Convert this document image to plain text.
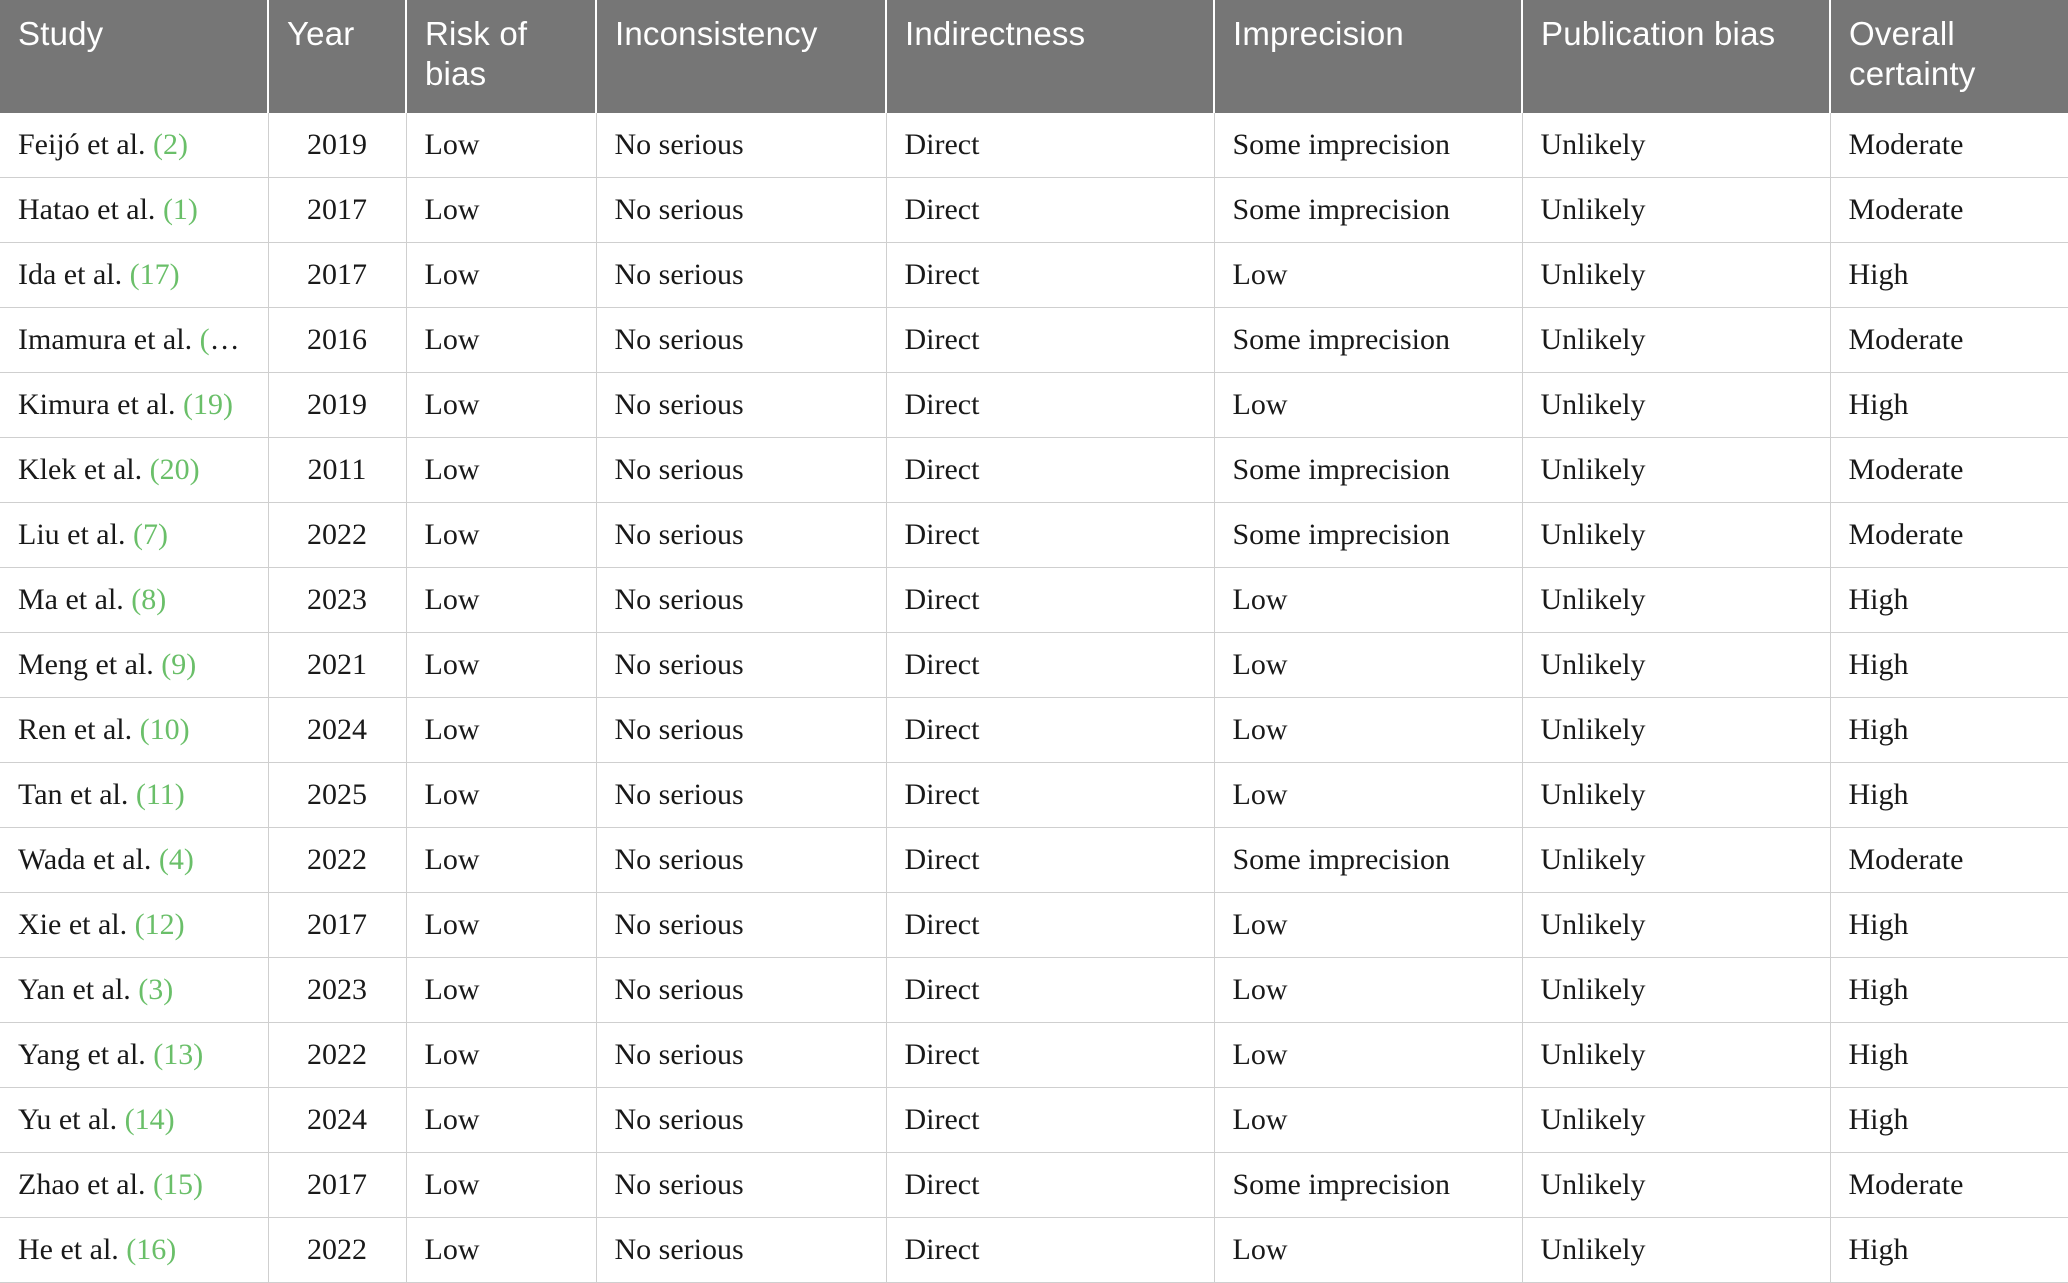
Study	Year	Risk of bias	Inconsistency	Indirectness	Imprecision	Publication bias	Overall certainty
Feijó et al. (2)	2019	Low	No serious	Direct	Some imprecision	Unlikely	Moderate
Hatao et al. (1)	2017	Low	No serious	Direct	Some imprecision	Unlikely	Moderate
Ida et al. (17)	2017	Low	No serious	Direct	Low	Unlikely	High
Imamura et al. (18)	2016	Low	No serious	Direct	Some imprecision	Unlikely	Moderate
Kimura et al. (19)	2019	Low	No serious	Direct	Low	Unlikely	High
Klek et al. (20)	2011	Low	No serious	Direct	Some imprecision	Unlikely	Moderate
Liu et al. (7)	2022	Low	No serious	Direct	Some imprecision	Unlikely	Moderate
Ma et al. (8)	2023	Low	No serious	Direct	Low	Unlikely	High
Meng et al. (9)	2021	Low	No serious	Direct	Low	Unlikely	High
Ren et al. (10)	2024	Low	No serious	Direct	Low	Unlikely	High
Tan et al. (11)	2025	Low	No serious	Direct	Low	Unlikely	High
Wada et al. (4)	2022	Low	No serious	Direct	Some imprecision	Unlikely	Moderate
Xie et al. (12)	2017	Low	No serious	Direct	Low	Unlikely	High
Yan et al. (3)	2023	Low	No serious	Direct	Low	Unlikely	High
Yang et al. (13)	2022	Low	No serious	Direct	Low	Unlikely	High
Yu et al. (14)	2024	Low	No serious	Direct	Low	Unlikely	High
Zhao et al. (15)	2017	Low	No serious	Direct	Some imprecision	Unlikely	Moderate
He et al. (16)	2022	Low	No serious	Direct	Low	Unlikely	High
